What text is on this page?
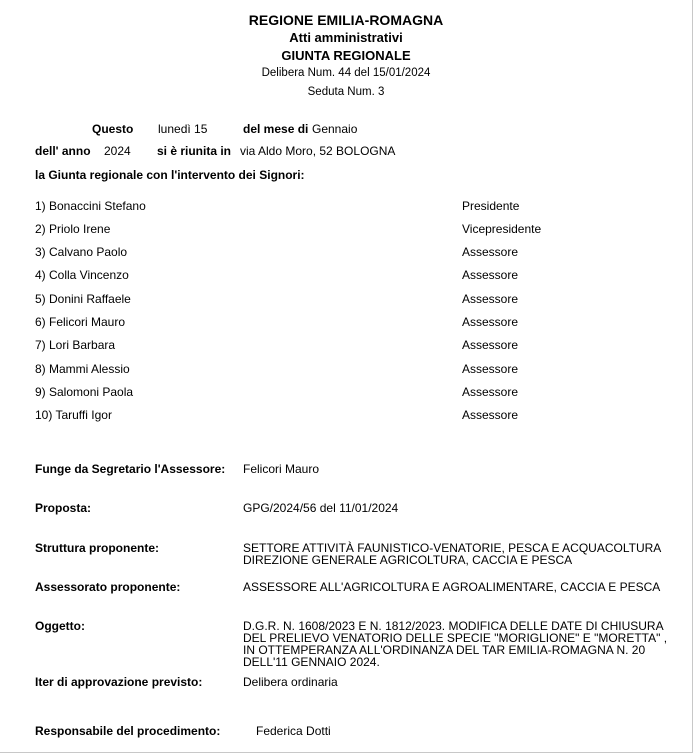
REGIONE EMILIA-ROMAGNA
Atti amministrativi
GIUNTA REGIONALE
Delibera Num. 44 del 15/01/2024
Seduta Num. 3
Questo lunedì 15	del mese di Gennaio
dell' anno 2024 si è riunita in via Aldo Moro, 52 BOLOGNA
la Giunta regionale con l'intervento dei Signori:
1) Bonaccini Stefano	Presidente
2) Priolo Irene	Vicepresidente
3) Calvano Paolo	Assessore
4) Colla Vincenzo	Assessore
5) Donini Raffaele	Assessore
6) Felicori Mauro	Assessore
7) Lori Barbara	Assessore
8) Mammi Alessio	Assessore
9) Salomoni Paola	Assessore
10) Taruffi Igor	Assessore
Funge da Segretario l'Assessore: Felicori Mauro
Proposta:	GPG/2024/56 del 11/01/2024
Struttura proponente:	SETTORE ATTIVITÀ FAUNISTICO-VENATORIE, PESCA E ACQUACOLTURA
DIREZIONE GENERALE AGRICOLTURA, CACCIA E PESCA
Assessorato proponente:	ASSESSORE ALL'AGRICOLTURA E AGROALIMENTARE, CACCIA E PESCA
Oggetto:	D.G.R. N. 1608/2023 E N. 1812/2023. MODIFICA DELLE DATE DI CHIUSURA
DEL PRELIEVO VENATORIO DELLE SPECIE "MORIGLIONE" E "MORETTA" ,
IN OTTEMPERANZA ALL'ORDINANZA DEL TAR EMILIA-ROMAGNA N. 20
DELL'11 GENNAIO 2024.
Iter di approvazione previsto:	Delibera ordinaria
Responsabile del procedimento:	Federica Dotti
